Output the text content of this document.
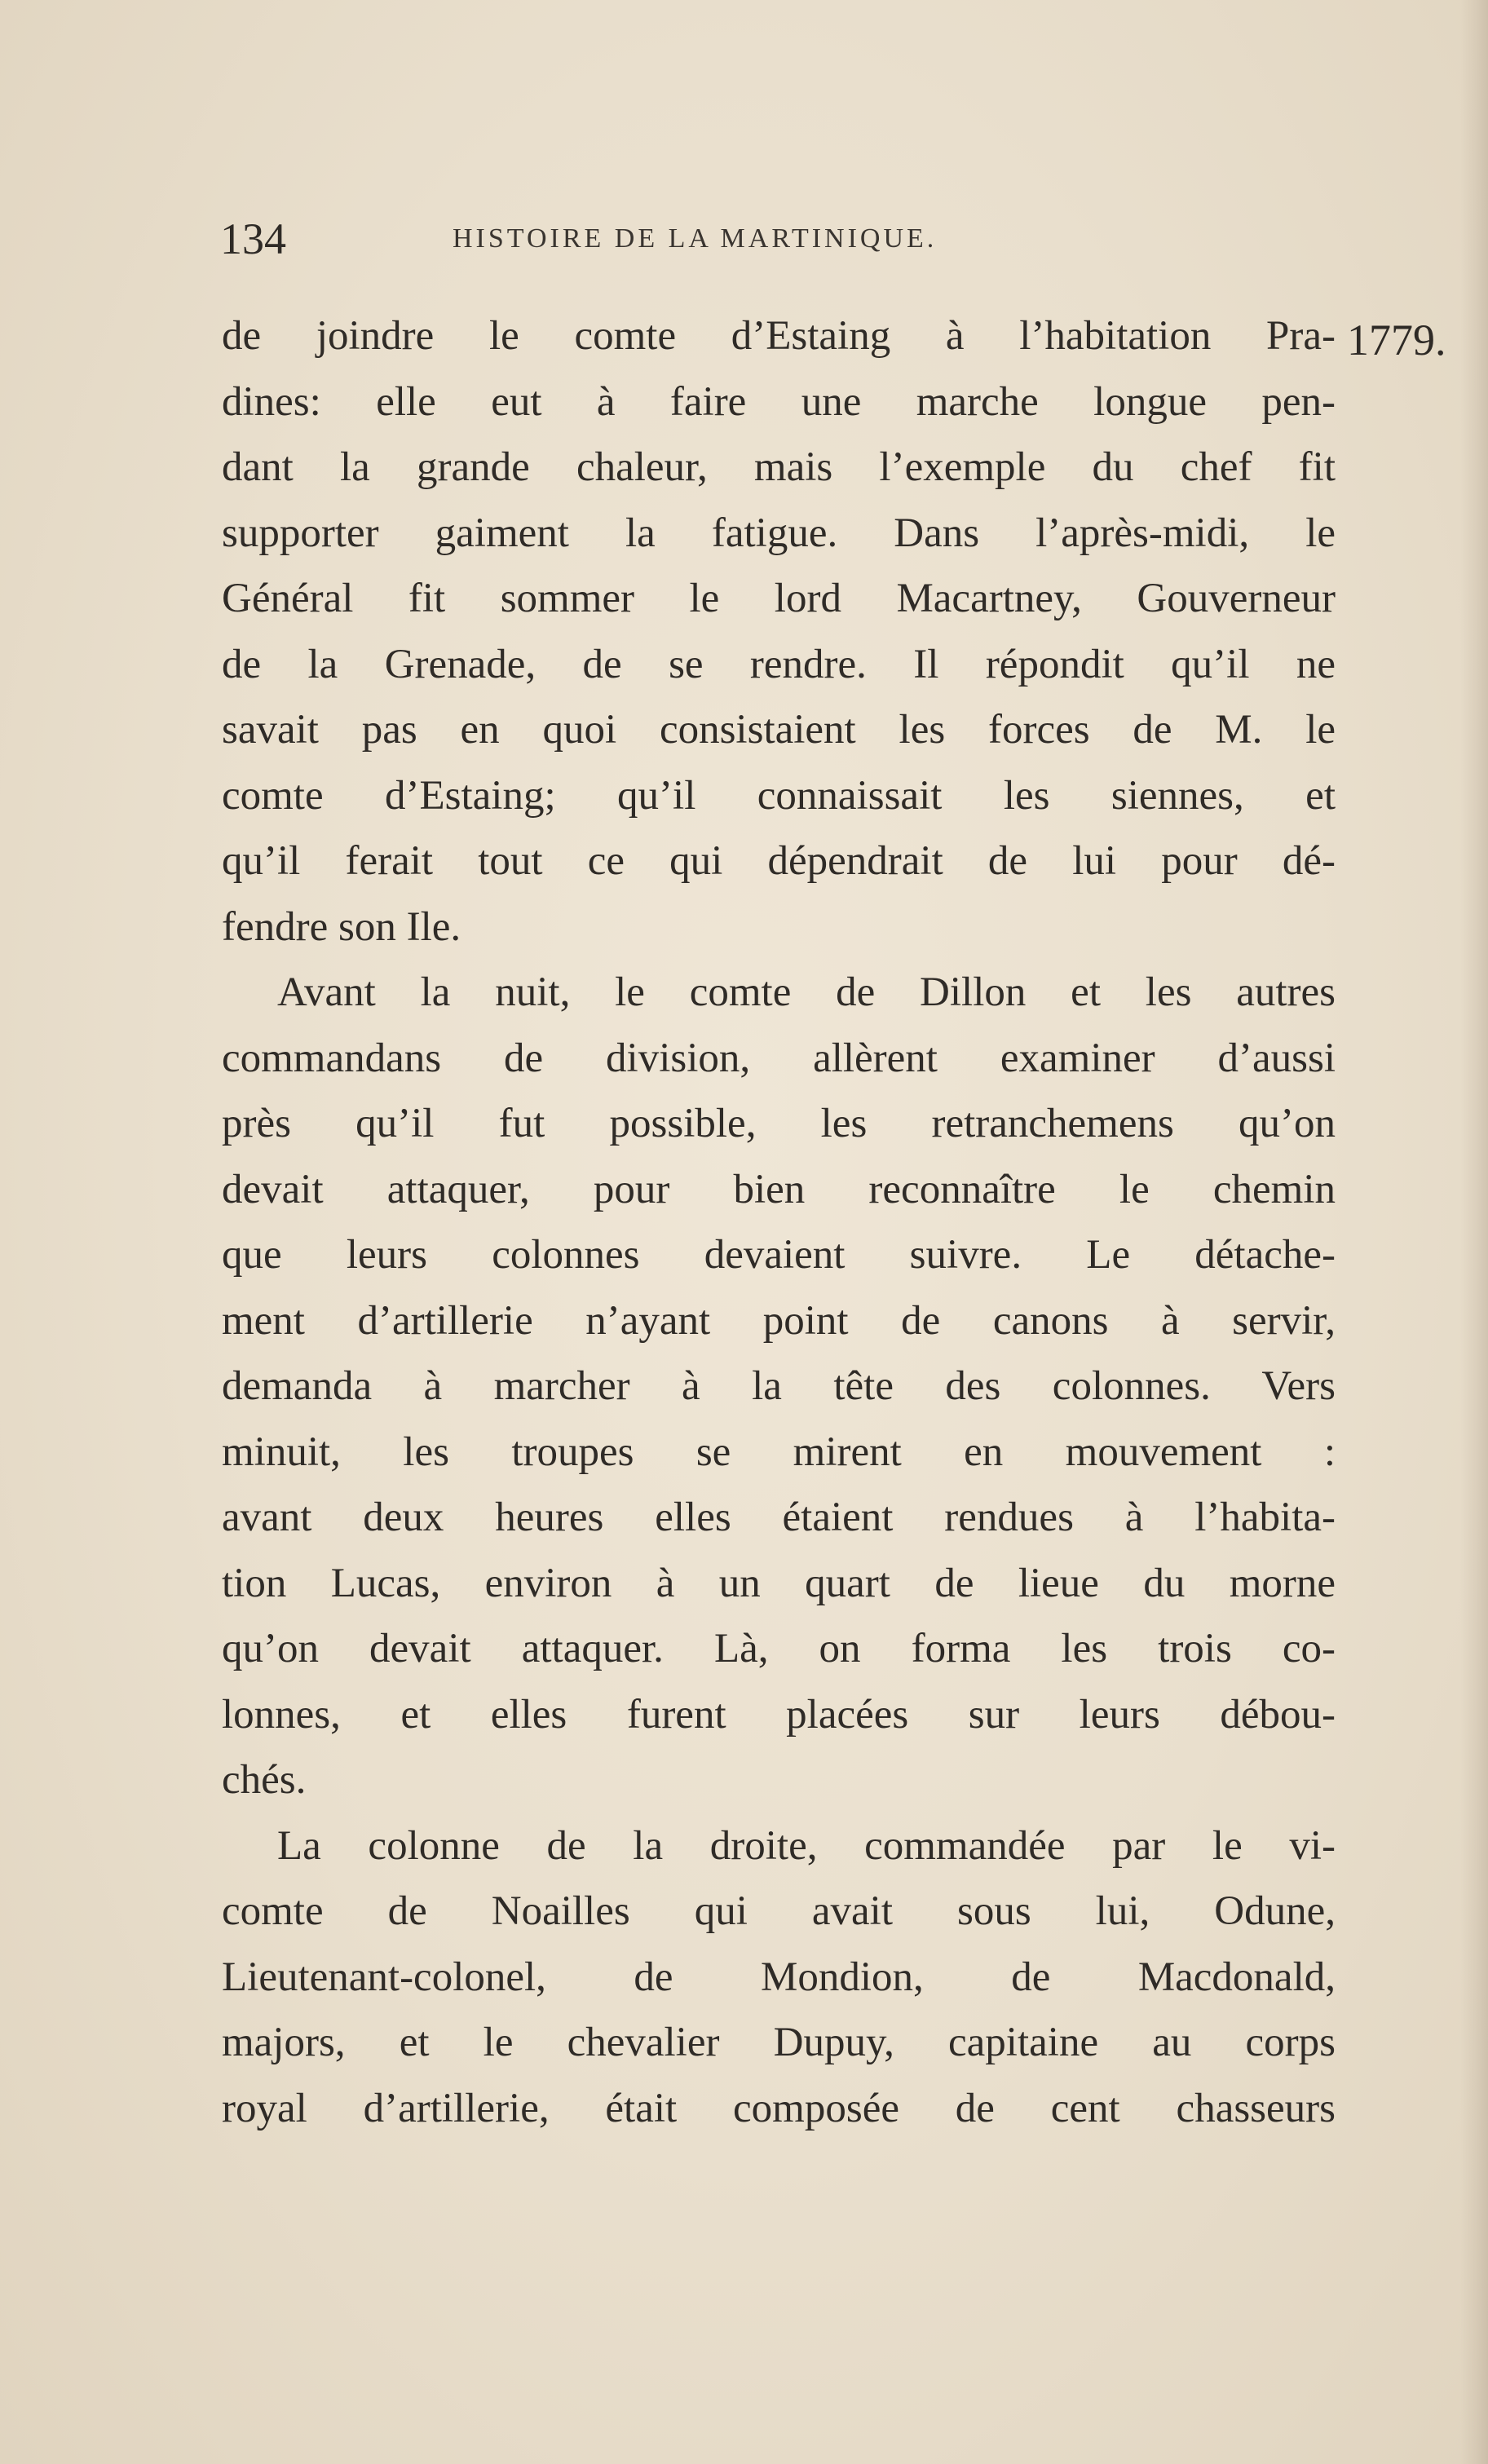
134	HISTOIRE DE LA MARTINIQUE.
1779.
de joindre le comte d’Estaing à l’habitation Pra-
dines: elle eut à faire une marche longue pen-
dant la grande chaleur, mais l’exemple du chef fit
supporter gaiment la fatigue. Dans l’après-midi, le
Général fit sommer le lord Macartney, Gouverneur
de la Grenade, de se rendre. Il répondit qu’il ne
savait pas en quoi consistaient les forces de M. le
comte d’Estaing; qu’il connaissait les siennes, et
qu’il ferait tout ce qui dépendrait de lui pour dé-
fendre son Ile.
Avant la nuit, le comte de Dillon et les autres
commandans de division, allèrent examiner d’aussi
près qu’il fut possible, les retranchemens qu’on
devait attaquer, pour bien reconnaître le chemin
que leurs colonnes devaient suivre. Le détache-
ment d’artillerie n’ayant point de canons à servir,
demanda à marcher à la tête des colonnes. Vers
minuit, les troupes se mirent en mouvement :
avant deux heures elles étaient rendues à l’habita-
tion Lucas, environ à un quart de lieue du morne
qu’on devait attaquer. Là, on forma les trois co-
lonnes, et elles furent placées sur leurs débou-
chés.
La colonne de la droite, commandée par le vi-
comte de Noailles qui avait sous lui, Odune,
Lieutenant-colonel, de Mondion, de Macdonald,
majors, et le chevalier Dupuy, capitaine au corps
royal d’artillerie, était composée de cent chasseurs
